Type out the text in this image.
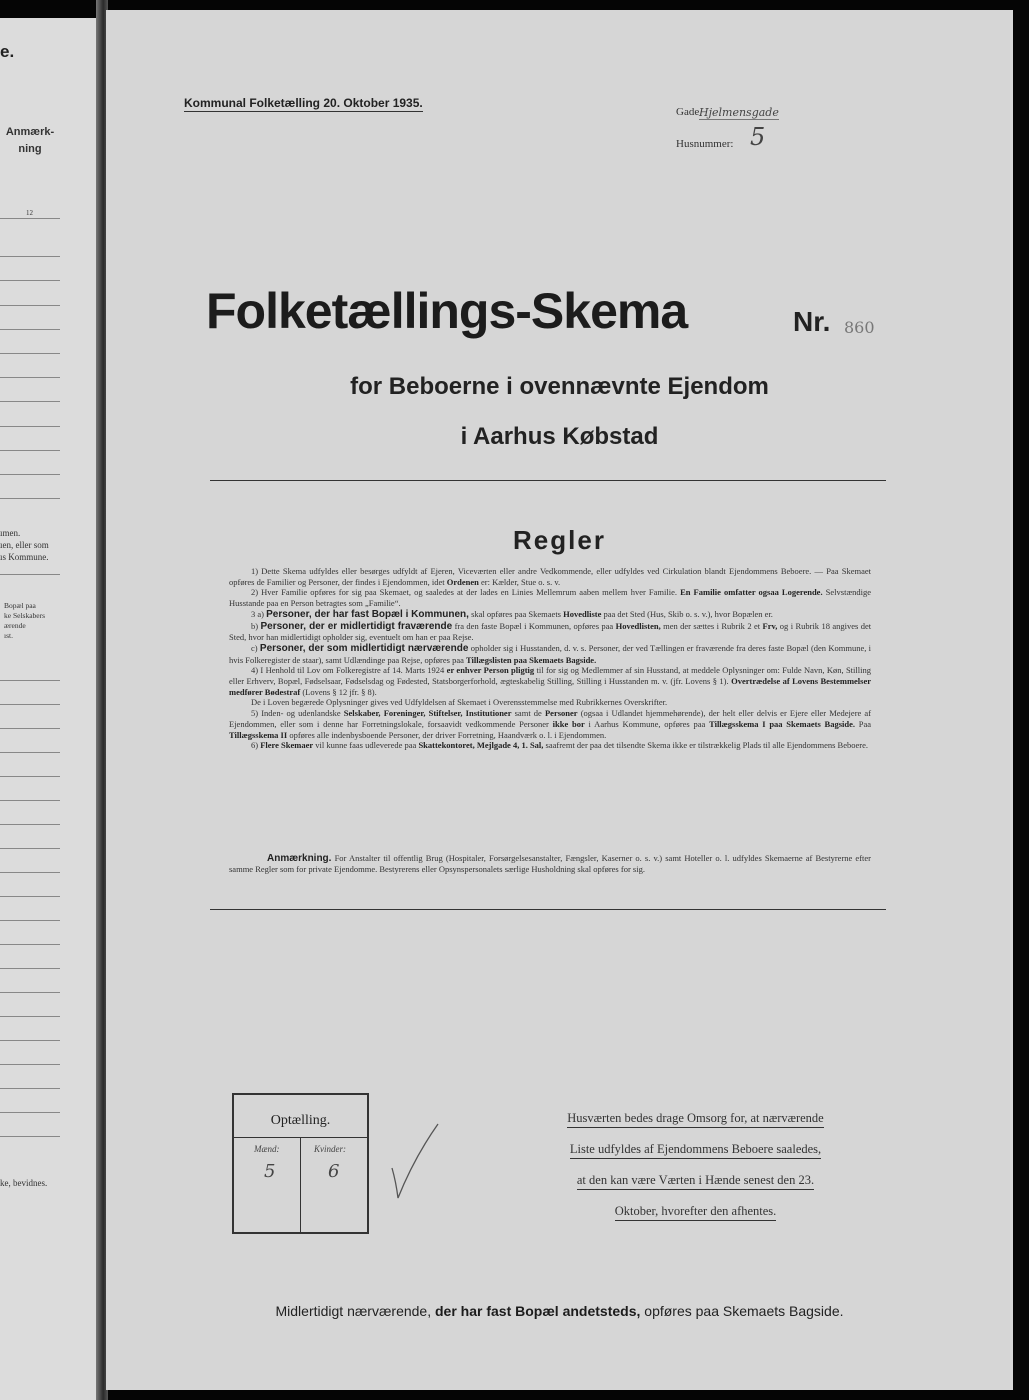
e.
Anmærk-
ning
12
ımen.
ıen, eller som
ıs Kommune.
Bopæl paa
ke Selskabers
ærende
ıst.
ke, bevidnes.
Kommunal Folketælling 20. Oktober 1935.
Gade Hjelmensgade
Husnummer: 5
Folketællings-Skema	Nr. 860
for Beboerne i ovennævnte Ejendom
i Aarhus Købstad
Regler

1) Dette Skema udfyldes eller besørges udfyldt af Ejeren, Viceværten eller andre Vedkommende, eller udfyldes ved Cirkulation blandt Ejendommens Beboere. — Paa Skemaet opføres de Familier og Personer, der findes i Ejendommen, idet Ordenen er: Kælder, Stue o. s. v.

2) Hver Familie opføres for sig paa Skemaet, og saaledes at der lades en Linies Mellemrum aaben mellem hver Familie. En Familie omfatter ogsaa Logerende. Selvstændige Husstande paa en Person betragtes som „Familie“.

3 a) Personer, der har fast Bopæl i Kommunen, skal opføres paa Skemaets Hovedliste paa det Sted (Hus, Skib o. s. v.), hvor Bopælen er.

b) Personer, der er midlertidigt fraværende fra den faste Bopæl i Kommunen, opføres paa Hovedlisten, men der sættes i Rubrik 2 et Frv, og i Rubrik 18 angives det Sted, hvor han midlertidigt opholder sig, eventuelt om han er paa Rejse.

c) Personer, der som midlertidigt nærværende opholder sig i Husstanden, d. v. s. Personer, der ved Tællingen er fraværende fra deres faste Bopæl (den Kommune, i hvis Folkeregister de staar), samt Udlændinge paa Rejse, opføres paa Tillægslisten paa Skemaets Bagside.

4) I Henhold til Lov om Folkeregistre af 14. Marts 1924 er enhver Person pligtig til for sig og Medlemmer af sin Husstand, at meddele Oplysninger om: Fulde Navn, Køn, Stilling eller Erhverv, Bopæl, Fødselsaar, Fødselsdag og Fødested, Statsborgerforhold, ægteskabelig Stilling, Stilling i Husstanden m. v. (jfr. Lovens § 1). Overtrædelse af Lovens Bestemmelser medfører Bødestraf (Lovens § 12 jfr. § 8).

De i Loven begærede Oplysninger gives ved Udfyldelsen af Skemaet i Overensstemmelse med Rubrikkernes Overskrifter.

5) Inden- og udenlandske Selskaber, Foreninger, Stiftelser, Institutioner samt de Personer (ogsaa i Udlandet hjemmehørende), der helt eller delvis er Ejere eller Medejere af Ejendommen, eller som i denne har Forretningslokale, forsaavidt vedkommende Personer ikke bor i Aarhus Kommune, opføres paa Tillægsskema I paa Skemaets Bagside. Paa Tillægsskema II opføres alle indenbysboende Personer, der driver Forretning, Haandværk o. l. i Ejendommen.

6) Flere Skemaer vil kunne faas udleverede paa Skattekontoret, Mejlgade 4, 1. Sal, saafremt der paa det tilsendte Skema ikke er tilstrækkelig Plads til alle Ejendommens Beboere.

Anmærkning. For Anstalter til offentlig Brug (Hospitaler, Forsørgelsesanstalter, Fængsler, Kaserner o. s. v.) samt Hoteller o. l. udfyldes Skemaerne af Bestyrerne efter samme Regler som for private Ejendomme. Bestyrerens eller Opsynspersonalets særlige Husholdning skal opføres for sig.
Optælling.
Mænd:	Kvinder:
5	6
Husværten bedes drage Omsorg for, at nærværende
Liste udfyldes af Ejendommens Beboere saaledes,
at den kan være Værten i Hænde senest den 23.
Oktober, hvorefter den afhentes.
Midlertidigt nærværende, der har fast Bopæl andetsteds, opføres paa Skemaets Bagside.
